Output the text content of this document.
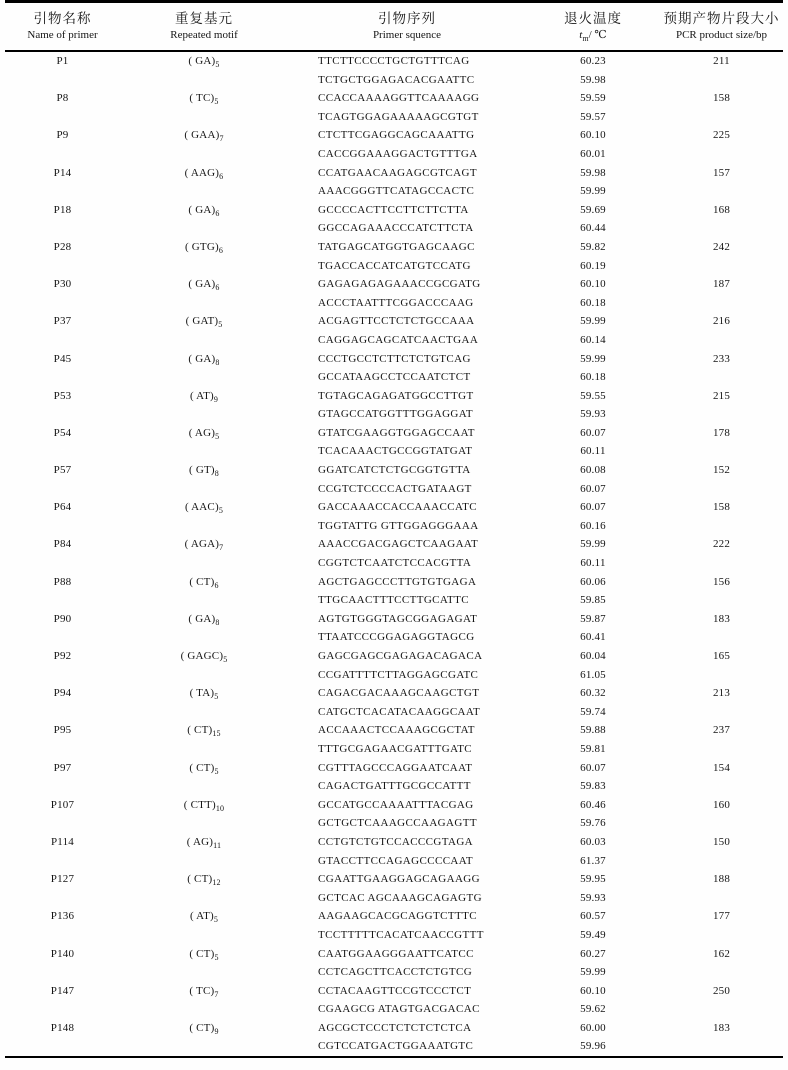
引物名称	重复基元	引物序列	退火温度	预期产物片段大小
Name of primer	Repeated motif	Primer squence	$t_m/$ ℃	PCR product size/bp
P1	( $GA)_5$	TTCTTCCCCTGCTGTTTCAG	60.23	211
		TCTGCTGGAGACACGAATTC	59.98	
P8	( $TC)_5$	CCACCAAAAGGTTCAAAAGG	59.59	158
		TCAGTGGAGAAAAAGCGTGT	59.57	
P9	( $GAA)_7$	CTCTTCGAGGCAGCAAATTG	60.10	225
		CACCGGAAAGGACTGTTTGA	60.01	
P14	( $AAG)_6$	CCATGAACAAGAGCGTCAGT	59.98	157
		AAACGGGTTCATAGCCACTC	59.99	
P18	( $GA)_6$	GCCCCACTTCCTTCTTCTTA	59.69	168
		GGCCAGAAACCCATCTTCTA	60.44	
P28	( $GTG)_6$	TATGAGCATGGTGAGCAAGC	59.82	242
		TGACCACCATCATGTCCATG	60.19	
P30	( $GA)_6$	GAGAGAGAGAAACCGCGATG	60.10	187
		ACCCTAATTTCGGACCCAAG	60.18	
P37	( $GAT)_5$	ACGAGTTCCTCTCTGCCAAA	59.99	216
		CAGGAGCAGCATCAACTGAA	60.14	
P45	( $GA)_8$	CCCTGCCTCTTCTCTGTCAG	59.99	233
		GCCATAAGCCTCCAATCTCT	60.18	
P53	( $AT)_9$	TGTAGCAGAGATGGCCTTGT	59.55	215
		GTAGCCATGGTTTGGAGGAT	59.93	
P54	( $AG)_5$	GTATCGAAGGTGGAGCCAAT	60.07	178
		TCACAAACTGCCGGTATGAT	60.11	
P57	( $GT)_8$	GGATCATCTCTGCGGTGTTA	60.08	152
		CCGTCTCCCCACTGATAAGT	60.07	
P64	( $AAC)_5$	GACCAAACCACCAAACCATC	60.07	158
		TGGTATTG GTTGGAGGGAAA	60.16	
P84	( $AGA)_7$	AAACCGACGAGCTCAAGAAT	59.99	222
		CGGTCTCAATCTCCACGTTA	60.11	
P88	( $CT)_6$	AGCTGAGCCCTTGTGTGAGA	60.06	156
		TTGCAACTTTCCTTGCATTC	59.85	
P90	( $GA)_8$	AGTGTGGGTAGCGGAGAGAT	59.87	183
		TTAATCCCGGAGAGGTAGCG	60.41	
P92	( $GAGC)_5$	GAGCGAGCGAGAGACAGACA	60.04	165
		CCGATTTTCTTAGGAGCGATC	61.05	
P94	( $TA)_5$	CAGACGACAAAGCAAGCTGT	60.32	213
		CATGCTCACATACAAGGCAAT	59.74	
P95	( $CT)_{15}$	ACCAAACTCCAAAGCGCTAT	59.88	237
		TTTGCGAGAACGATTTGATC	59.81	
P97	( $CT)_5$	CGTTTAGCCCAGGAATCAAT	60.07	154
		CAGACTGATTTGCGCCATTT	59.83	
P107	( $CTT)_{10}$	GCCATGCCAAAATTTACGAG	60.46	160
		GCTGCTCAAAGCCAAGAGTT	59.76	
P114	( $AG)_{11}$	CCTGTCTGTCCACCCGTAGA	60.03	150
		GTACCTTCCAGAGCCCCAAT	61.37	
P127	( $CT)_{12}$	CGAATTGAAGGAGCAGAAGG	59.95	188
		GCTCAC AGCAAAGCAGAGTG	59.93	
P136	( $AT)_5$	AAGAAGCACGCAGGTCTTTC	60.57	177
		TCCTTTTTCACATCAACCGTTT	59.49	
P140	( $CT)_5$	CAATGGAAGGGAATTCATCC	60.27	162
		CCTCAGCTTCACCTCTGTCG	59.99	
P147	( $TC)_7$	CCTACAAGTTCCGTCCCTCT	60.10	250
		CGAAGCG ATAGTGACGACAC	59.62	
P148	( $CT)_9$	AGCGCTCCCTCTCTCTCTCA	60.00	183
		CGTCCATGACTGGAAATGTC	59.96	
